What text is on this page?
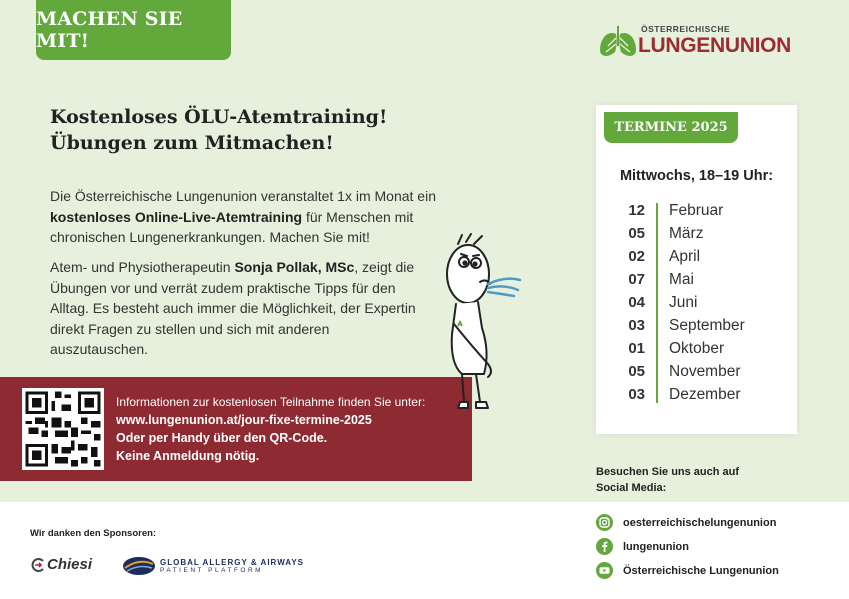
MACHEN SIE MIT!
ÖSTERREICHISCHE
LUNGENUNION
Kostenloses ÖLU-Atemtraining!
Übungen zum Mitmachen!

Die Österreichische Lungenunion veranstaltet 1x im Monat ein kostenloses Online-Live-Atemtraining für Menschen mit chronischen Lungenerkrankungen. Machen Sie mit!

Atem- und Physiotherapeutin Sonja Pollak, MSc, zeigt die Übungen vor und verrät zudem praktische Tipps für den Alltag. Es besteht auch immer die Möglichkeit, der Expertin direkt Fragen zu stellen und sich mit anderen auszutauschen.

Informationen zur kostenlosen Teilnahme finden Sie unter:
www.lungenunion.at/jour-fixe-termine-2025
Oder per Handy über den QR-Code.
Keine Anmeldung nötig.
TERMINE 2025
Mittwochs, 18–19 Uhr:
12	Februar
05	März
02	April
07	Mai
04	Juni
03	September
01	Oktober
05	November
03	Dezember
Besuchen Sie uns auch auf
Social Media:
oesterreichischelungenunion
lungenunion
Österreichische Lungenunion
Wir danken den Sponsoren:
Chiesi	GLOBAL ALLERGY & AIRWAYS
PATIENT PLATFORM
